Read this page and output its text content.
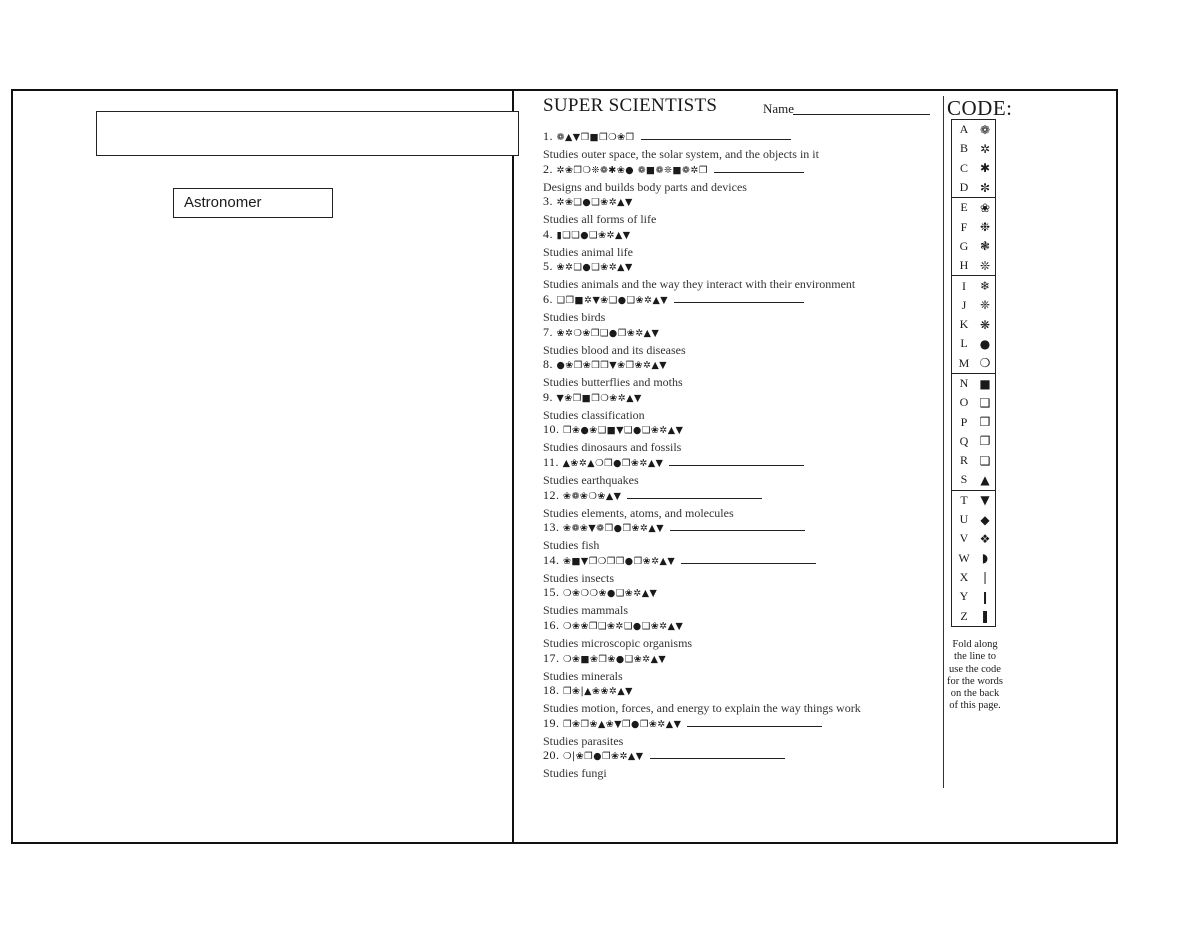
Astronomer
SUPER SCIENTISTS	Name
1. ❁▲▼❒■❒❍❀❒
Studies outer space, the solar system, and the objects in it
2. ✲❀❒❍❊❁✱❀● ❁■❁❊■❁✲❒
Designs and builds body parts and devices
3. ✲❀❑●❑❀✲▲▼
Studies all forms of life
4. ▮❑❑●❑❀✲▲▼
Studies animal life
5. ❀✲❑●❑❀✲▲▼
Studies animals and the way they interact with their environment
6. ❑❒■✲▼❀❑●❑❀✲▲▼
Studies birds
7. ❀✲❍❀❒❑●❒❀✲▲▼
Studies blood and its diseases
8. ●❀❒❀❒❒▼❀❒❀✲▲▼
Studies butterflies and moths
9. ▼❀❒■❒❍❀✲▲▼
Studies classification
10. ❒❀●❀❑■▼❑●❑❀✲▲▼
Studies dinosaurs and fossils
11. ▲❀✲▲❍❒●❒❀✲▲▼
Studies earthquakes
12. ❀❁❀❍❀▲▼
Studies elements, atoms, and molecules
13. ❀❁❀▼❁❒●❒❀✲▲▼
Studies fish
14. ❀■▼❒❍❒❒●❒❀✲▲▼
Studies insects
15. ❍❀❍❍❀●❑❀✲▲▼
Studies mammals
16. ❍❀❀❒❑❀✲❑●❑❀✲▲▼
Studies microscopic organisms
17. ❍❀■❀❒❀●❑❀✲▲▼
Studies minerals
18. ❒❀|▲❀❀✲▲▼
Studies motion, forces, and energy to explain the way things work
19. ❒❀❒❀▲❀▼❒●❒❀✲▲▼
Studies parasites
20. ❍|❀❒●❒❀✲▲▼
Studies fungi
CODE:
A ❁
B ✲
C ✱
D ✼
E	❀
F	❉
G ❃
H ❊
I	❄
J	❈
K ❋
L	●
M ❍
N ■
O ❑
P	❒
Q ❐
R ❏
S	▲
T	▼
U	◆
V ❖
W	◗
X ❘
Y ❙
Z	❚
Fold along the line to use the code for the words on the back of this page.
